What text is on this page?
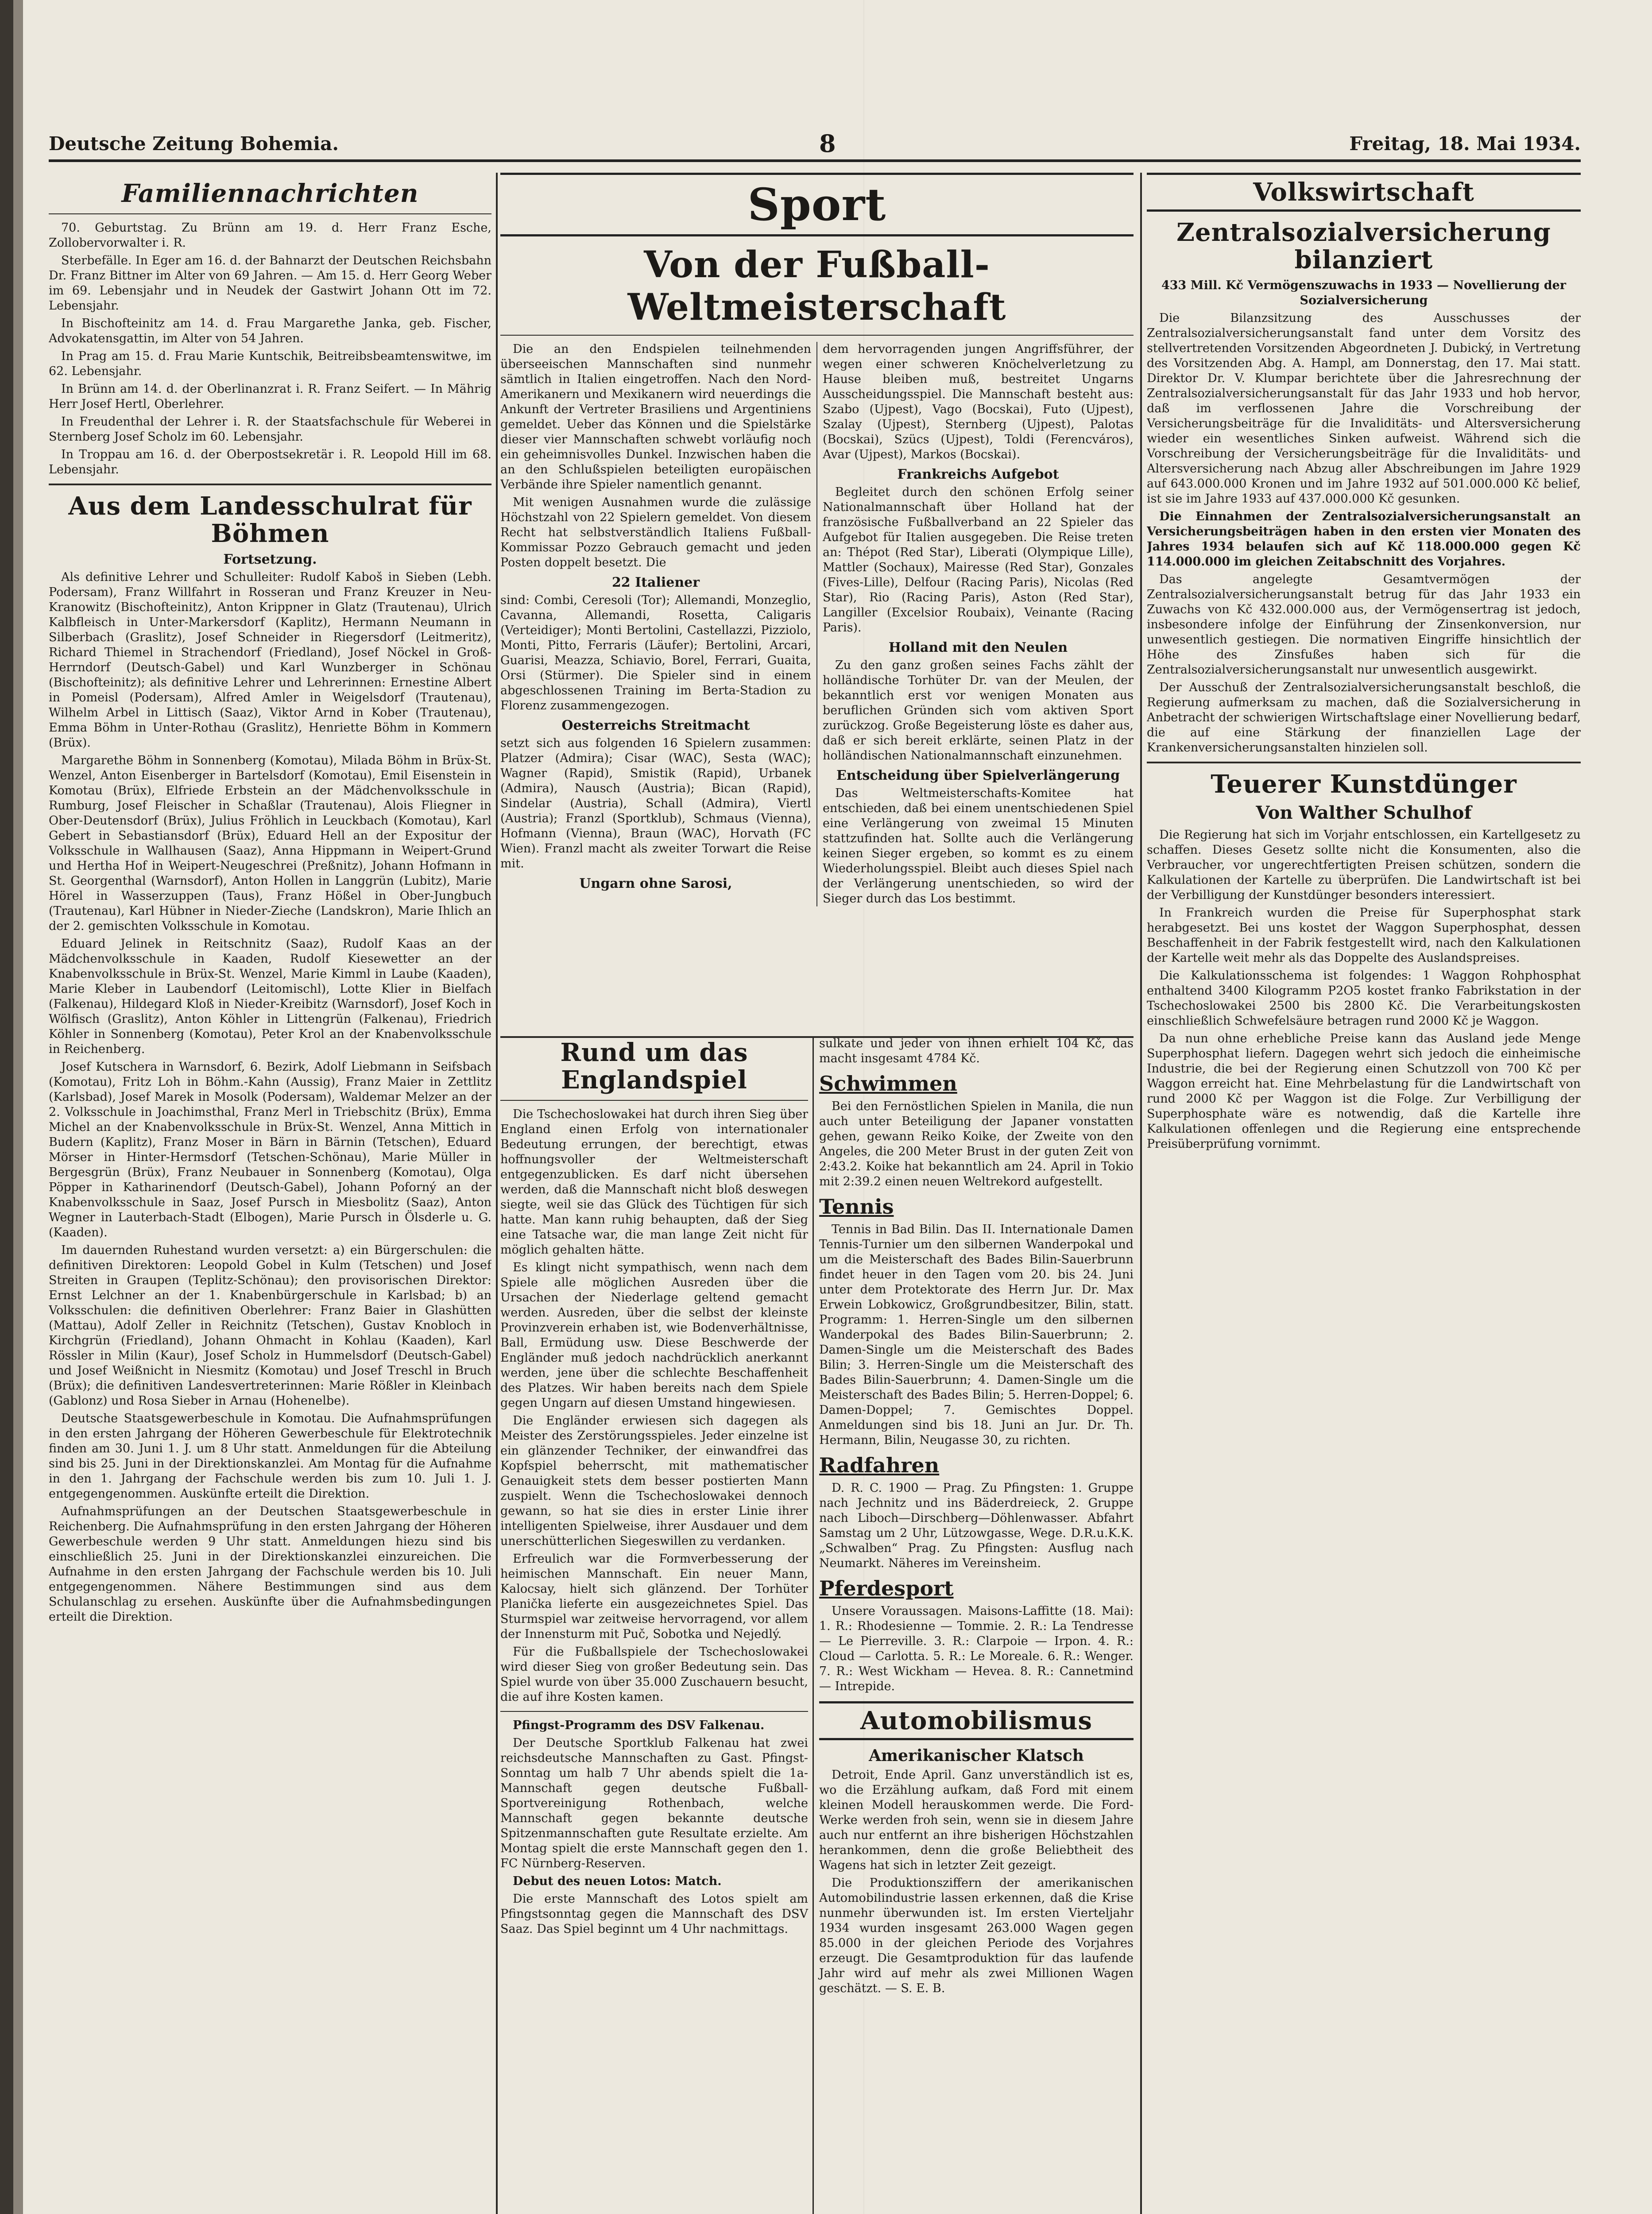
Deutsche Zeitung Bohemia.	8	Freitag, 18. Mai 1934.
Familiennachrichten

70. Geburtstag. Zu Brünn am 19. d. Herr Franz Esche, Zollobervorwalter i. R.

Sterbefälle. In Eger am 16. d. der Bahnarzt der Deutschen Reichsbahn Dr. Franz Bittner im Alter von 69 Jahren. — Am 15. d. Herr Georg Weber im 69. Lebensjahr und in Neudek der Gastwirt Johann Ott im 72. Lebensjahr.

In Bischofteinitz am 14. d. Frau Margarethe Janka, geb. Fischer, Advokatensgattin, im Alter von 54 Jahren.

In Prag am 15. d. Frau Marie Kuntschik, Beitreibsbeamtenswitwe, im 62. Lebensjahr.

In Brünn am 14. d. der Oberlinanzrat i. R. Franz Seifert. — In Mährig Herr Josef Hertl, Oberlehrer.

In Freudenthal der Lehrer i. R. der Staatsfachschule für Weberei in Sternberg Josef Scholz im 60. Lebensjahr.

In Troppau am 16. d. der Oberpostsekretär i. R. Leopold Hill im 68. Lebensjahr.

Aus dem Landesschulrat für Böhmen
Fortsetzung.

Als definitive Lehrer und Schulleiter: Rudolf Kaboš in Sieben (Lebh. Podersam), Franz Willfahrt in Rosseran und Franz Kreuzer in Neu-Kranowitz (Bischofteinitz), Anton Krippner in Glatz (Trautenau), Ulrich Kalbfleisch in Unter-Markersdorf (Kaplitz), Hermann Neumann in Silberbach (Graslitz), Josef Schneider in Riegersdorf (Leitmeritz), Richard Thiemel in Strachendorf (Friedland), Josef Nöckel in Groß-Herrndorf (Deutsch-Gabel) und Karl Wunzberger in Schönau (Bischofteinitz); als definitive Lehrer und Lehrerinnen: Ernestine Albert in Pomeisl (Podersam), Alfred Amler in Weigelsdorf (Trautenau), Wilhelm Arbel in Littisch (Saaz), Viktor Arnd in Kober (Trautenau), Emma Böhm in Unter-Rothau (Graslitz), Henriette Böhm in Kommern (Brüx).

Margarethe Böhm in Sonnenberg (Komotau), Milada Böhm in Brüx-St. Wenzel, Anton Eisenberger in Bartelsdorf (Komotau), Emil Eisenstein in Komotau (Brüx), Elfriede Erbstein an der Mädchenvolksschule in Rumburg, Josef Fleischer in Schaßlar (Trautenau), Alois Fliegner in Ober-Deutensdorf (Brüx), Julius Fröhlich in Leuckbach (Komotau), Karl Gebert in Sebastiansdorf (Brüx), Eduard Hell an der Expositur der Volksschule in Wallhausen (Saaz), Anna Hippmann in Weipert-Grund und Hertha Hof in Weipert-Neugeschrei (Preßnitz), Johann Hofmann in St. Georgenthal (Warnsdorf), Anton Hollen in Langgrün (Lubitz), Marie Hörel in Wasserzuppen (Taus), Franz Hößel in Ober-Jungbuch (Trautenau), Karl Hübner in Nieder-Zieche (Landskron), Marie Ihlich an der 2. gemischten Volksschule in Komotau.

Eduard Jelinek in Reitschnitz (Saaz), Rudolf Kaas an der Mädchenvolksschule in Kaaden, Rudolf Kiesewetter an der Knabenvolksschule in Brüx-St. Wenzel, Marie Kimml in Laube (Kaaden), Marie Kleber in Laubendorf (Leitomischl), Lotte Klier in Bielfach (Falkenau), Hildegard Kloß in Nieder-Kreibitz (Warnsdorf), Josef Koch in Wölfisch (Graslitz), Anton Köhler in Littengrün (Falkenau), Friedrich Köhler in Sonnenberg (Komotau), Peter Krol an der Knabenvolksschule in Reichenberg.

Josef Kutschera in Warnsdorf, 6. Bezirk, Adolf Liebmann in Seifsbach (Komotau), Fritz Loh in Böhm.-Kahn (Aussig), Franz Maier in Zettlitz (Karlsbad), Josef Marek in Mosolk (Podersam), Waldemar Melzer an der 2. Volksschule in Joachimsthal, Franz Merl in Triebschitz (Brüx), Emma Michel an der Knabenvolksschule in Brüx-St. Wenzel, Anna Mittich in Budern (Kaplitz), Franz Moser in Bärn in Bärnin (Tetschen), Eduard Mörser in Hinter-Hermsdorf (Tetschen-Schönau), Marie Müller in Bergesgrün (Brüx), Franz Neubauer in Sonnenberg (Komotau), Olga Pöpper in Katharinendorf (Deutsch-Gabel), Johann Poforný an der Knabenvolksschule in Saaz, Josef Pursch in Miesbolitz (Saaz), Anton Wegner in Lauterbach-Stadt (Elbogen), Marie Pursch in Ölsderle u. G. (Kaaden).

Im dauernden Ruhestand wurden versetzt: a) ein Bürgerschulen: die definitiven Direktoren: Leopold Gobel in Kulm (Tetschen) und Josef Streiten in Graupen (Teplitz-Schönau); den provisorischen Direktor: Ernst Lelchner an der 1. Knabenbürgerschule in Karlsbad; b) an Volksschulen: die definitiven Oberlehrer: Franz Baier in Glashütten (Mattau), Adolf Zeller in Reichnitz (Tetschen), Gustav Knobloch in Kirchgrün (Friedland), Johann Ohmacht in Kohlau (Kaaden), Karl Rössler in Milin (Kaur), Josef Scholz in Hummelsdorf (Deutsch-Gabel) und Josef Weißnicht in Niesmitz (Komotau) und Josef Treschl in Bruch (Brüx); die definitiven Landesvertreterinnen: Marie Rößler in Kleinbach (Gablonz) und Rosa Sieber in Arnau (Hohenelbe).

Deutsche Staatsgewerbeschule in Komotau. Die Aufnahmsprüfungen in den ersten Jahrgang der Höheren Gewerbeschule für Elektrotechnik finden am 30. Juni 1. J. um 8 Uhr statt. Anmeldungen für die Abteilung sind bis 25. Juni in der Direktionskanzlei. Am Montag für die Aufnahme in den 1. Jahrgang der Fachschule werden bis zum 10. Juli 1. J. entgegengenommen. Auskünfte erteilt die Direktion.

Aufnahmsprüfungen an der Deutschen Staatsgewerbeschule in Reichenberg. Die Aufnahmsprüfung in den ersten Jahrgang der Höheren Gewerbeschule werden 9 Uhr statt. Anmeldungen hiezu sind bis einschließlich 25. Juni in der Direktionskanzlei einzureichen. Die Aufnahme in den ersten Jahrgang der Fachschule werden bis 10. Juli entgegengenommen. Nähere Bestimmungen sind aus dem Schulanschlag zu ersehen. Auskünfte über die Aufnahmsbedingungen erteilt die Direktion.

Sport
Von der Fußball-Weltmeisterschaft

Die an den Endspielen teilnehmenden überseeischen Mannschaften sind nunmehr sämtlich in Italien eingetroffen. Nach den Nord-Amerikanern und Mexikanern wird neuerdings die Ankunft der Vertreter Brasiliens und Argentiniens gemeldet. Ueber das Können und die Spielstärke dieser vier Mannschaften schwebt vorläufig noch ein geheimnisvolles Dunkel. Inzwischen haben die an den Schlußspielen beteiligten europäischen Verbände ihre Spieler namentlich genannt.

Mit wenigen Ausnahmen wurde die zulässige Höchstzahl von 22 Spielern gemeldet. Von diesem Recht hat selbstverständlich Italiens Fußball-Kommissar Pozzo Gebrauch gemacht und jeden Posten doppelt besetzt. Die

22 Italiener

sind: Combi, Ceresoli (Tor); Allemandi, Monzeglio, Cavanna, Allemandi, Rosetta, Caligaris (Verteidiger); Monti Bertolini, Castellazzi, Pizziolo, Monti, Pitto, Ferraris (Läufer); Bertolini, Arcari, Guarisi, Meazza, Schiavio, Borel, Ferrari, Guaita, Orsi (Stürmer). Die Spieler sind in einem abgeschlossenen Training im Berta-Stadion zu Florenz zusammengezogen.

Oesterreichs Streitmacht

setzt sich aus folgenden 16 Spielern zusammen: Platzer (Admira); Cisar (WAC), Sesta (WAC); Wagner (Rapid), Smistik (Rapid), Urbanek (Admira), Nausch (Austria); Bican (Rapid), Sindelar (Austria), Schall (Admira), Viertl (Austria); Franzl (Sportklub), Schmaus (Vienna), Hofmann (Vienna), Braun (WAC), Horvath (FC Wien). Franzl macht als zweiter Torwart die Reise mit.

Ungarn ohne Sarosi,

dem hervorragenden jungen Angriffsführer, der wegen einer schweren Knöchelverletzung zu Hause bleiben muß, bestreitet Ungarns Ausscheidungsspiel. Die Mannschaft besteht aus: Szabo (Ujpest), Vago (Bocskai), Futo (Ujpest), Szalay (Ujpest), Sternberg (Ujpest), Palotas (Bocskai), Szücs (Ujpest), Toldi (Ferencváros), Avar (Ujpest), Markos (Bocskai).

Frankreichs Aufgebot

Begleitet durch den schönen Erfolg seiner Nationalmannschaft über Holland hat der französische Fußballverband an 22 Spieler das Aufgebot für Italien ausgegeben. Die Reise treten an: Thépot (Red Star), Liberati (Olympique Lille), Mattler (Sochaux), Mairesse (Red Star), Gonzales (Fives-Lille), Delfour (Racing Paris), Nicolas (Red Star), Rio (Racing Paris), Aston (Red Star), Langiller (Excelsior Roubaix), Veinante (Racing Paris).

Holland mit den Neulen

Zu den ganz großen seines Fachs zählt der holländische Torhüter Dr. van der Meulen, der bekanntlich erst vor wenigen Monaten aus beruflichen Gründen sich vom aktiven Sport zurückzog. Große Begeisterung löste es daher aus, daß er sich bereit erklärte, seinen Platz in der holländischen Nationalmannschaft einzunehmen.

Entscheidung über Spielverlängerung

Das Weltmeisterschafts-Komitee hat entschieden, daß bei einem unentschiedenen Spiel eine Verlängerung von zweimal 15 Minuten stattzufinden hat. Sollte auch die Verlängerung keinen Sieger ergeben, so kommt es zu einem Wiederholungsspiel. Bleibt auch dieses Spiel nach der Verlängerung unentschieden, so wird der Sieger durch das Los bestimmt.

Rund um das Englandspiel

Die Tschechoslowakei hat durch ihren Sieg über England einen Erfolg von internationaler Bedeutung errungen, der berechtigt, etwas hoffnungsvoller der Weltmeisterschaft entgegenzublicken. Es darf nicht übersehen werden, daß die Mannschaft nicht bloß deswegen siegte, weil sie das Glück des Tüchtigen für sich hatte. Man kann ruhig behaupten, daß der Sieg eine Tatsache war, die man lange Zeit nicht für möglich gehalten hätte.

Es klingt nicht sympathisch, wenn nach dem Spiele alle möglichen Ausreden über die Ursachen der Niederlage geltend gemacht werden. Ausreden, über die selbst der kleinste Provinzverein erhaben ist, wie Bodenverhältnisse, Ball, Ermüdung usw. Diese Beschwerde der Engländer muß jedoch nachdrücklich anerkannt werden, jene über die schlechte Beschaffenheit des Platzes. Wir haben bereits nach dem Spiele gegen Ungarn auf diesen Umstand hingewiesen.

Die Engländer erwiesen sich dagegen als Meister des Zerstörungsspieles. Jeder einzelne ist ein glänzender Techniker, der einwandfrei das Kopfspiel beherrscht, mit mathematischer Genauigkeit stets dem besser postierten Mann zuspielt. Wenn die Tschechoslowakei dennoch gewann, so hat sie dies in erster Linie ihrer intelligenten Spielweise, ihrer Ausdauer und dem unerschütterlichen Siegeswillen zu verdanken.

Erfreulich war die Formverbesserung der heimischen Mannschaft. Ein neuer Mann, Kalocsay, hielt sich glänzend. Der Torhüter Planička lieferte ein ausgezeichnetes Spiel. Das Sturmspiel war zeitweise hervorragend, vor allem der Innensturm mit Puč, Sobotka und Nejedlý.

Für die Fußballspiele der Tschechoslowakei wird dieser Sieg von großer Bedeutung sein. Das Spiel wurde von über 35.000 Zuschauern besucht, die auf ihre Kosten kamen.

Pfingst-Programm des DSV Falkenau.

Der Deutsche Sportklub Falkenau hat zwei reichsdeutsche Mannschaften zu Gast. Pfingst-Sonntag um halb 7 Uhr abends spielt die 1a-Mannschaft gegen deutsche Fußball-Sportvereinigung Rothenbach, welche Mannschaft gegen bekannte deutsche Spitzenmannschaften gute Resultate erzielte. Am Montag spielt die erste Mannschaft gegen den 1. FC Nürnberg-Reserven.

Debut des neuen Lotos: Match.

Die erste Mannschaft des Lotos spielt am Pfingstsonntag gegen die Mannschaft des DSV Saaz. Das Spiel beginnt um 4 Uhr nachmittags.

sulkate und jeder von ihnen erhielt 104 Kč, das macht insgesamt 4784 Kč.

Schwimmen

Bei den Fernöstlichen Spielen in Manila, die nun auch unter Beteiligung der Japaner vonstatten gehen, gewann Reiko Koike, der Zweite von den Angeles, die 200 Meter Brust in der guten Zeit von 2:43.2. Koike hat bekanntlich am 24. April in Tokio mit 2:39.2 einen neuen Weltrekord aufgestellt.

Tennis

Tennis in Bad Bilin. Das II. Internationale Damen Tennis-Turnier um den silbernen Wanderpokal und um die Meisterschaft des Bades Bilin-Sauerbrunn findet heuer in den Tagen vom 20. bis 24. Juni unter dem Protektorate des Herrn Jur. Dr. Max Erwein Lobkowicz, Großgrundbesitzer, Bilin, statt. Programm: 1. Herren-Single um den silbernen Wanderpokal des Bades Bilin-Sauerbrunn; 2. Damen-Single um die Meisterschaft des Bades Bilin; 3. Herren-Single um die Meisterschaft des Bades Bilin-Sauerbrunn; 4. Damen-Single um die Meisterschaft des Bades Bilin; 5. Herren-Doppel; 6. Damen-Doppel; 7. Gemischtes Doppel. Anmeldungen sind bis 18. Juni an Jur. Dr. Th. Hermann, Bilin, Neugasse 30, zu richten.

Radfahren

D. R. C. 1900 — Prag. Zu Pfingsten: 1. Gruppe nach Jechnitz und ins Bäderdreieck, 2. Gruppe nach Liboch—Dirschberg—Döhlenwasser. Abfahrt Samstag um 2 Uhr, Lützowgasse, Wege. D.R.u.K.K. „Schwalben“ Prag. Zu Pfingsten: Ausflug nach Neumarkt. Näheres im Vereinsheim.

Pferdesport

Unsere Voraussagen. Maisons-Laffitte (18. Mai): 1. R.: Rhodesienne — Tommie. 2. R.: La Tendresse — Le Pierreville. 3. R.: Clarpoie — Irpon. 4. R.: Cloud — Carlotta. 5. R.: Le Moreale. 6. R.: Wenger. 7. R.: West Wickham — Hevea. 8. R.: Cannetmind — Intrepide.

Automobilismus
Amerikanischer Klatsch

Detroit, Ende April. Ganz unverständlich ist es, wo die Erzählung aufkam, daß Ford mit einem kleinen Modell herauskommen werde. Die Ford-Werke werden froh sein, wenn sie in diesem Jahre auch nur entfernt an ihre bisherigen Höchstzahlen herankommen, denn die große Beliebtheit des Wagens hat sich in letzter Zeit gezeigt.

Die Produktionsziffern der amerikanischen Automobilindustrie lassen erkennen, daß die Krise nunmehr überwunden ist. Im ersten Vierteljahr 1934 wurden insgesamt 263.000 Wagen gegen 85.000 in der gleichen Periode des Vorjahres erzeugt. Die Gesamtproduktion für das laufende Jahr wird auf mehr als zwei Millionen Wagen geschätzt. — S. E. B.

Volkswirtschaft
Zentralsozialversicherung bilanziert

433 Mill. Kč Vermögenszuwachs in 1933 — Novellierung der Sozialversicherung

Die Bilanzsitzung des Ausschusses der Zentralsozialversicherungsanstalt fand unter dem Vorsitz des stellvertretenden Vorsitzenden Abgeordneten J. Dubický, in Vertretung des Vorsitzenden Abg. A. Hampl, am Donnerstag, den 17. Mai statt. Direktor Dr. V. Klumpar berichtete über die Jahresrechnung der Zentralsozialversicherungsanstalt für das Jahr 1933 und hob hervor, daß im verflossenen Jahre die Vorschreibung der Versicherungsbeiträge für die Invaliditäts- und Altersversicherung wieder ein wesentliches Sinken aufweist. Während sich die Vorschreibung der Versicherungsbeiträge für die Invaliditäts- und Altersversicherung nach Abzug aller Abschreibungen im Jahre 1929 auf 643.000.000 Kronen und im Jahre 1932 auf 501.000.000 Kč belief, ist sie im Jahre 1933 auf 437.000.000 Kč gesunken.

Die Einnahmen der Zentralsozialversicherungsanstalt an Versicherungsbeiträgen haben in den ersten vier Monaten des Jahres 1934 belaufen sich auf Kč 118.000.000 gegen Kč 114.000.000 im gleichen Zeitabschnitt des Vorjahres.

Das angelegte Gesamtvermögen der Zentralsozialversicherungsanstalt betrug für das Jahr 1933 ein Zuwachs von Kč 432.000.000 aus, der Vermögensertrag ist jedoch, insbesondere infolge der Einführung der Zinsenkonversion, nur unwesentlich gestiegen. Die normativen Eingriffe hinsichtlich der Höhe des Zinsfußes haben sich für die Zentralsozialversicherungsanstalt nur unwesentlich ausgewirkt.

Der Ausschuß der Zentralsozialversicherungsanstalt beschloß, die Regierung aufmerksam zu machen, daß die Sozialversicherung in Anbetracht der schwierigen Wirtschaftslage einer Novellierung bedarf, die auf eine Stärkung der finanziellen Lage der Krankenversicherungsanstalten hinzielen soll.

Teuerer Kunstdünger
Von Walther Schulhof

Die Regierung hat sich im Vorjahr entschlossen, ein Kartellgesetz zu schaffen. Dieses Gesetz sollte nicht die Konsumenten, also die Verbraucher, vor ungerechtfertigten Preisen schützen, sondern die Kalkulationen der Kartelle zu überprüfen. Die Landwirtschaft ist bei der Verbilligung der Kunstdünger besonders interessiert.

In Frankreich wurden die Preise für Superphosphat stark herabgesetzt. Bei uns kostet der Waggon Superphosphat, dessen Beschaffenheit in der Fabrik festgestellt wird, nach den Kalkulationen der Kartelle weit mehr als das Doppelte des Auslandspreises.

Die Kalkulationsschema ist folgendes: 1 Waggon Rohphosphat enthaltend 3400 Kilogramm P2O5 kostet franko Fabrikstation in der Tschechoslowakei 2500 bis 2800 Kč. Die Verarbeitungskosten einschließlich Schwefelsäure betragen rund 2000 Kč je Waggon.

Da nun ohne erhebliche Preise kann das Ausland jede Menge Superphosphat liefern. Dagegen wehrt sich jedoch die einheimische Industrie, die bei der Regierung einen Schutzzoll von 700 Kč per Waggon erreicht hat. Eine Mehrbelastung für die Landwirtschaft von rund 2000 Kč per Waggon ist die Folge. Zur Verbilligung der Superphosphate wäre es notwendig, daß die Kartelle ihre Kalkulationen offenlegen und die Regierung eine entsprechende Preisüberprüfung vornimmt.
